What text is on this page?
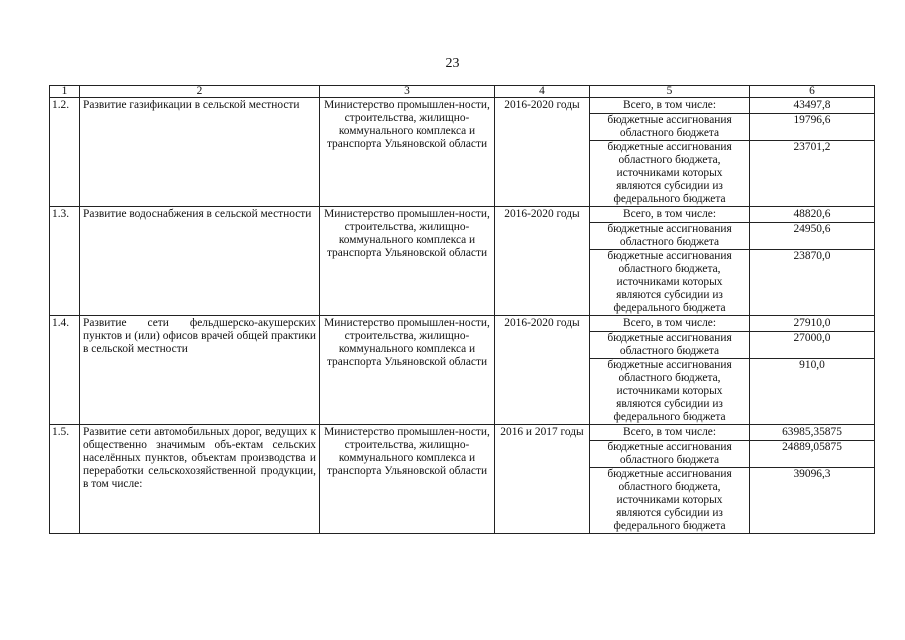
23
1	2	3	4	5	6
1.2.	Развитие газификации в сельской местности	Министерство промышлен-ности, строительства, жилищно-коммунального комплекса и транспорта Ульяновской области	2016-2020 годы	Всего, в том числе:	43497,8
				бюджетные ассигнования областного бюджета	19796,6
				бюджетные ассигнования областного бюджета, источниками которых являются субсидии из федерального бюджета	23701,2
1.3.	Развитие водоснабжения в сельской местности	Министерство промышлен-ности, строительства, жилищно-коммунального комплекса и транспорта Ульяновской области	2016-2020 годы	Всего, в том числе:	48820,6
				бюджетные ассигнования областного бюджета	24950,6
				бюджетные ассигнования областного бюджета, источниками которых являются субсидии из федерального бюджета	23870,0
1.4.	Развитие сети фельдшерско-акушерских пунктов и (или) офисов врачей общей практики в сельской местности	Министерство промышлен-ности, строительства, жилищно-коммунального комплекса и транспорта Ульяновской области	2016-2020 годы	Всего, в том числе:	27910,0
				бюджетные ассигнования областного бюджета	27000,0
				бюджетные ассигнования областного бюджета, источниками которых являются субсидии из федерального бюджета	910,0
1.5.	Развитие сети автомобильных дорог, ведущих к общественно значимым объ-ектам сельских населённых пунктов, объектам производства и переработки сельскохозяйственной продукции, в том числе:	Министерство промышлен-ности, строительства, жилищно-коммунального комплекса и транспорта Ульяновской области	2016 и 2017 годы	Всего, в том числе:	63985,35875
				бюджетные ассигнования областного бюджета	24889,05875
				бюджетные ассигнования областного бюджета, источниками которых являются субсидии из федерального бюджета	39096,3
